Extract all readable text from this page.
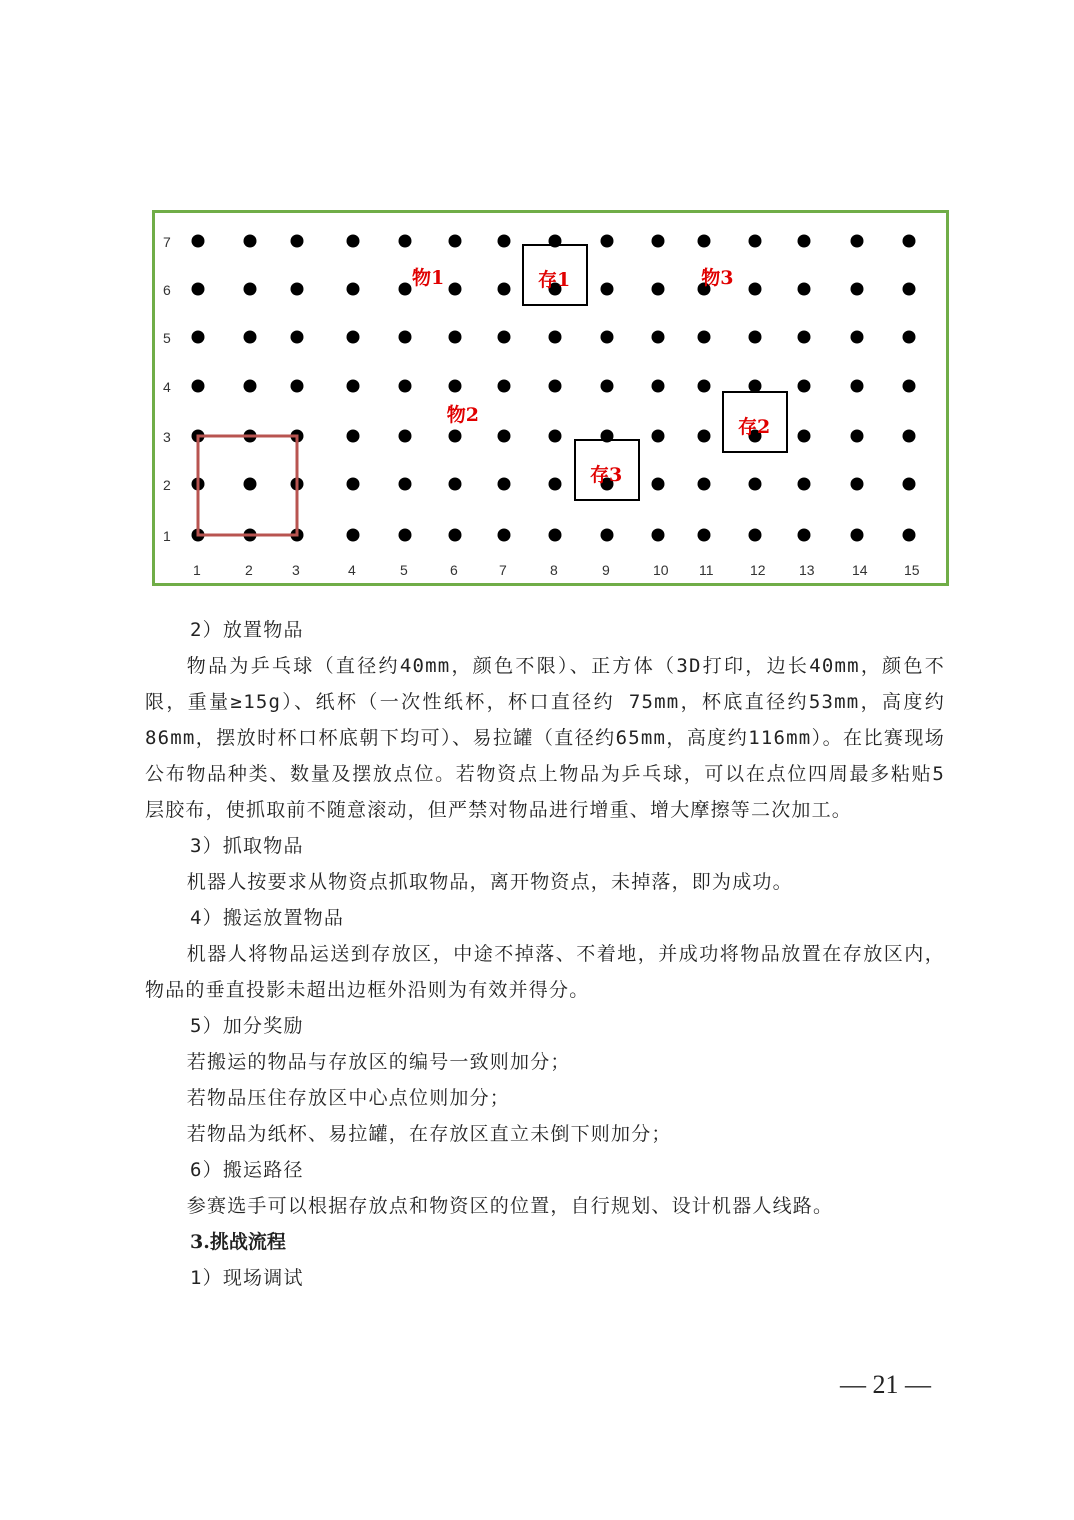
7
6
5
4
3
2
1
1	2	3	4	5	6	7	8	9	10 11	12 13	14	15
存1
存2
存3
物1	物3
物2

2）放置物品

物品为乒乓球（直径约40mm，颜色不限）、正方体（3D打印，边长40mm，颜色不限，重量≥15g）、纸杯（一次性纸杯，杯口直径约 75mm，杯底直径约53mm，高度约86mm，摆放时杯口杯底朝下均可）、易拉罐（直径约65mm，高度约116mm）。在比赛现场公布物品种类、数量及摆放点位。若物资点上物品为乒乓球，可以在点位四周最多粘贴5层胶布，使抓取前不随意滚动，但严禁对物品进行增重、增大摩擦等二次加工。

3）抓取物品

机器人按要求从物资点抓取物品，离开物资点，未掉落，即为成功。

4）搬运放置物品

机器人将物品运送到存放区，中途不掉落、不着地，并成功将物品放置在存放区内，物品的垂直投影未超出边框外沿则为有效并得分。

5）加分奖励

若搬运的物品与存放区的编号一致则加分；

若物品压住存放区中心点位则加分；

若物品为纸杯、易拉罐，在存放区直立未倒下则加分；

6）搬运路径

参赛选手可以根据存放点和物资区的位置，自行规划、设计机器人线路。

3.挑战流程

1）现场调试

— 21 —
